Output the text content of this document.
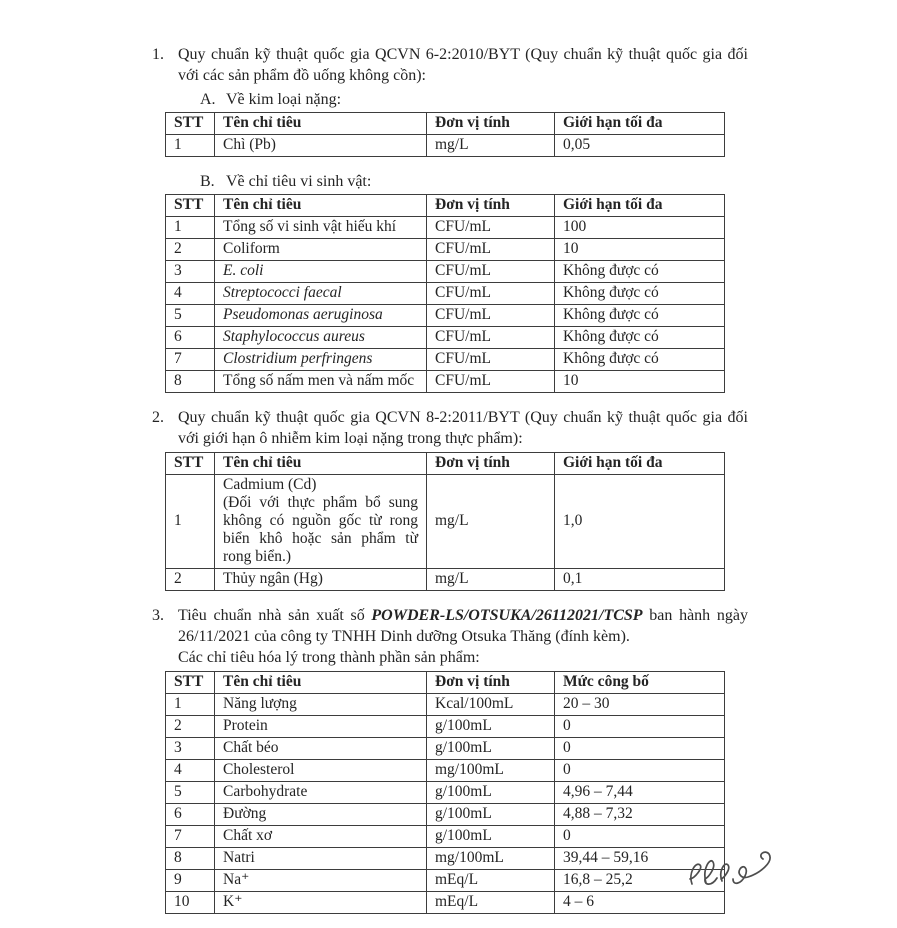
1. Quy chuẩn kỹ thuật quốc gia QCVN 6-2:2010/BYT (Quy chuẩn kỹ thuật quốc gia đối với các sản phẩm đồ uống không cồn):
A. Về kim loại nặng:
STT	Tên chỉ tiêu	Đơn vị tính	Giới hạn tối đa
1	Chì (Pb)	mg/L	0,05
B. Về chỉ tiêu vi sinh vật:
STT	Tên chỉ tiêu	Đơn vị tính	Giới hạn tối đa
1	Tổng số vi sinh vật hiếu khí	CFU/mL	100
2	Coliform	CFU/mL	10
3	E. coli	CFU/mL	Không được có
4	Streptococci faecal	CFU/mL	Không được có
5	Pseudomonas aeruginosa	CFU/mL	Không được có
6	Staphylococcus aureus	CFU/mL	Không được có
7	Clostridium perfringens	CFU/mL	Không được có
8	Tổng số nấm men và nấm mốc	CFU/mL	10
2. Quy chuẩn kỹ thuật quốc gia QCVN 8-2:2011/BYT (Quy chuẩn kỹ thuật quốc gia đối với giới hạn ô nhiễm kim loại nặng trong thực phẩm):
STT	Tên chỉ tiêu	Đơn vị tính	Giới hạn tối đa
1	Cadmium (Cd)
(Đối với thực phẩm bổ sung không có nguồn gốc từ rong biển khô hoặc sản phẩm từ rong biển.)	mg/L	1,0
2	Thủy ngân (Hg)	mg/L	0,1
3. Tiêu chuẩn nhà sản xuất số POWDER-LS/OTSUKA/26112021/TCSP ban hành ngày 26/11/2021 của công ty TNHH Dinh dưỡng Otsuka Thăng (đính kèm).
Các chỉ tiêu hóa lý trong thành phần sản phẩm:
STT	Tên chỉ tiêu	Đơn vị tính	Mức công bố
1	Năng lượng	Kcal/100mL	20 – 30
2	Protein	g/100mL	0
3	Chất béo	g/100mL	0
4	Cholesterol	mg/100mL	0
5	Carbohydrate	g/100mL	4,96 – 7,44
6	Đường	g/100mL	4,88 – 7,32
7	Chất xơ	g/100mL	0
8	Natri	mg/100mL	39,44 – 59,16
9	Na⁺	mEq/L	16,8 – 25,2
10	K⁺	mEq/L	4 – 6
